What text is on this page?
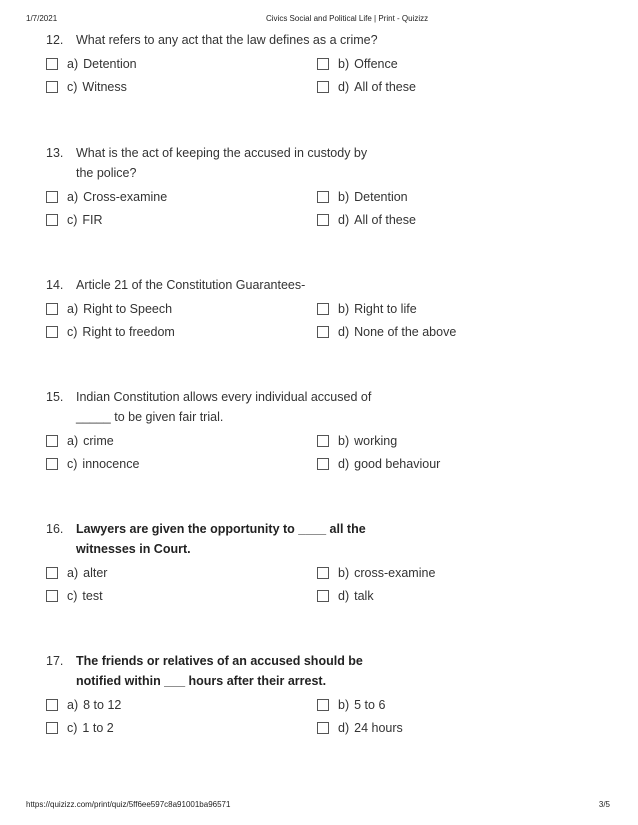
1/7/2021	Civics Social and Political Life | Print - Quizizz
12.	What refers to any act that the law defines as a crime?
a) Detention	b) Offence
c) Witness	d) All of these
13.	What is the act of keeping the accused in custody by the police?
a) Cross-examine	b) Detention
c) FIR	d) All of these
14.	Article 21 of the Constitution Guarantees-
a) Right to Speech	b) Right to life
c) Right to freedom	d) None of the above
15.	Indian Constitution allows every individual accused of _____ to be given fair trial.
a) crime	b) working
c) innocence	d) good behaviour
16.	Lawyers are given the opportunity to ____ all the witnesses in Court.
a) alter	b) cross-examine
c) test	d) talk
17.	The friends or relatives of an accused should be notified within ___ hours after their arrest.
a) 8 to 12	b) 5 to 6
c) 1 to 2	d) 24 hours
https://quizizz.com/print/quiz/5ff6ee597c8a91001ba96571	3/5
